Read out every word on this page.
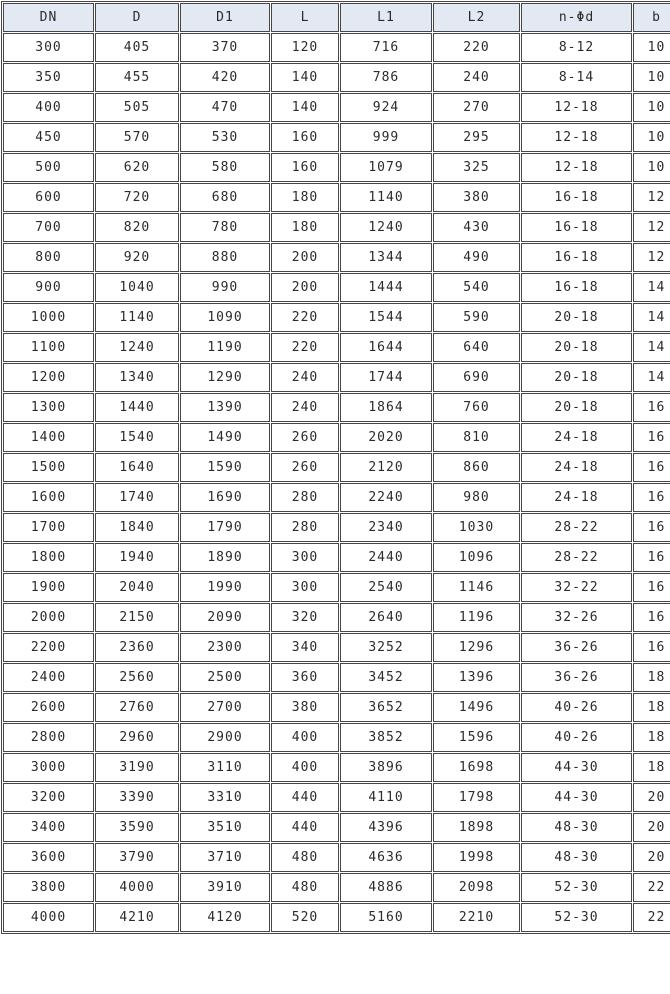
DN	D	D1	L	L1	L2	n-Φd	b
300	405	370	120	716	220	8-12	10
350	455	420	140	786	240	8-14	10
400	505	470	140	924	270	12-18	10
450	570	530	160	999	295	12-18	10
500	620	580	160	1079	325	12-18	10
600	720	680	180	1140	380	16-18	12
700	820	780	180	1240	430	16-18	12
800	920	880	200	1344	490	16-18	12
900	1040	990	200	1444	540	16-18	14
1000	1140	1090	220	1544	590	20-18	14
1100	1240	1190	220	1644	640	20-18	14
1200	1340	1290	240	1744	690	20-18	14
1300	1440	1390	240	1864	760	20-18	16
1400	1540	1490	260	2020	810	24-18	16
1500	1640	1590	260	2120	860	24-18	16
1600	1740	1690	280	2240	980	24-18	16
1700	1840	1790	280	2340	1030	28-22	16
1800	1940	1890	300	2440	1096	28-22	16
1900	2040	1990	300	2540	1146	32-22	16
2000	2150	2090	320	2640	1196	32-26	16
2200	2360	2300	340	3252	1296	36-26	16
2400	2560	2500	360	3452	1396	36-26	18
2600	2760	2700	380	3652	1496	40-26	18
2800	2960	2900	400	3852	1596	40-26	18
3000	3190	3110	400	3896	1698	44-30	18
3200	3390	3310	440	4110	1798	44-30	20
3400	3590	3510	440	4396	1898	48-30	20
3600	3790	3710	480	4636	1998	48-30	20
3800	4000	3910	480	4886	2098	52-30	22
4000	4210	4120	520	5160	2210	52-30	22
